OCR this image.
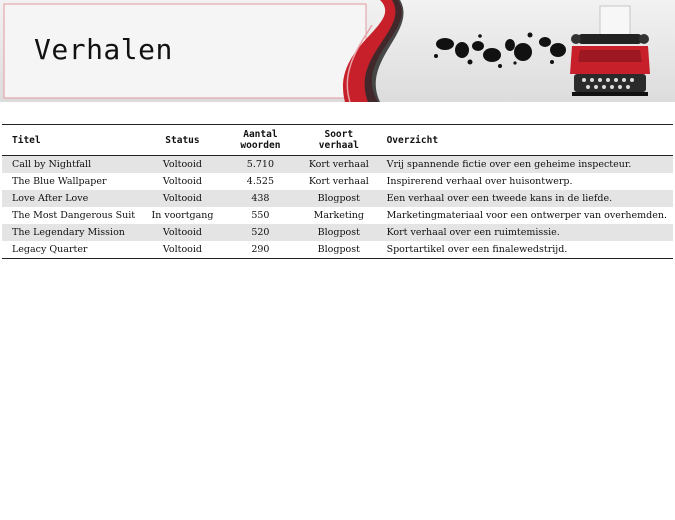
Verhalen
Titel	Status	Aantal woorden	Soort verhaal	Overzicht
Call by Nightfall	Voltooid	5.710	Kort verhaal	Vrij spannende fictie over een geheime inspecteur.
The Blue Wallpaper	Voltooid	4.525	Kort verhaal	Inspirerend verhaal over huisontwerp.
Love After Love	Voltooid	438	Blogpost	Een verhaal over een tweede kans in de liefde.
The Most Dangerous Suit	In voortgang	550	Marketing	Marketingmateriaal voor een ontwerper van overhemden.
The Legendary Mission	Voltooid	520	Blogpost	Kort verhaal over een ruimtemissie.
Legacy Quarter	Voltooid	290	Blogpost	Sportartikel over een finalewedstrijd.
